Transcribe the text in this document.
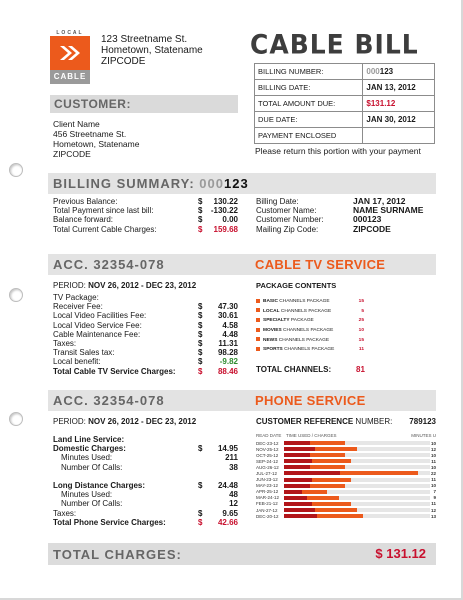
LOCAL
CABLE
123 Streetname St.
Hometown, Statename
ZIPCODE
CABLE BILL
BILLING NUMBER:	000123
BILLING DATE:	JAN 13, 2012
TOTAL AMOUNT DUE:	$131.12
DUE DATE:	JAN 30, 2012
PAYMENT ENCLOSED	
Please return this portion with your payment
CUSTOMER:
Client Name
456 Streetname St.
Hometown, Statename
ZIPCODE
BILLING SUMMARY: 000123
Previous Balance:	$	130.22
Total Payment since last bill:	$	-130.22
Balance forward:	$	0.00
Total Current Cable Charges:	$	159.68
Billing Date:	JAN 17, 2012
Customer Name:	NAME SURNAME
Customer Number:	000123
Mailing Zip Code:	ZIPCODE
ACC. 32354-078	CABLE TV SERVICE
PERIOD: NOV 26, 2012 - DEC 23, 2012
TV Package:
Receiver Fee:	$	47.30
Local Video Facilities Fee:	$	30.61
Local Video Service Fee:	$	4.58
Cable Maintenance Fee:	$	4.48
Taxes:	$	11.31
Transit Sales tax:	$	98.28
Local benefit:	$	-9.82
Total Cable TV Service Charges:	$	88.46
PACKAGE CONTENTS
BASIC CHANNELS PACKAGE	15
LOCAL CHANNELS PACKAGE	5
SPECIALTY PACKAGE	25
MOVIES CHANNELS PACKAGE	10
NEWS CHANNELS PACKAGE	15
SPORTS CHANNELS PACKAGE	11
TOTAL CHANNELS:	81
ACC. 32354-078	PHONE SERVICE
PERIOD: NOV 26, 2012 - DEC 23, 2012
Land Line Service:
Domestic Charges:	$	14.95
Minutes Used:	211
Number Of Calls:	38
Long Distance Charges:	$	24.48
Minutes Used:	48
Number Of Calls:	12
Taxes:	$	9.65
Total Phone Service Charges:	$	42.66
CUSTOMER REFERENCE NUMBER: 789123
READ DATE TIME USED / CHARGES	MINUTES U
DEC-23-12	10
NOV-25-12	12
OCT-25-12	10
SEP-24-12	11
AUG-26-12	10
JUL-27-12	22
JUN-23-12	11
MAY-23-12	10
APR-25-12	7
MAR-24-12	9
FEB-21-12	11
JAN-27-12	12
DEC-20-12	13
TOTAL CHARGES:	$ 131.12
